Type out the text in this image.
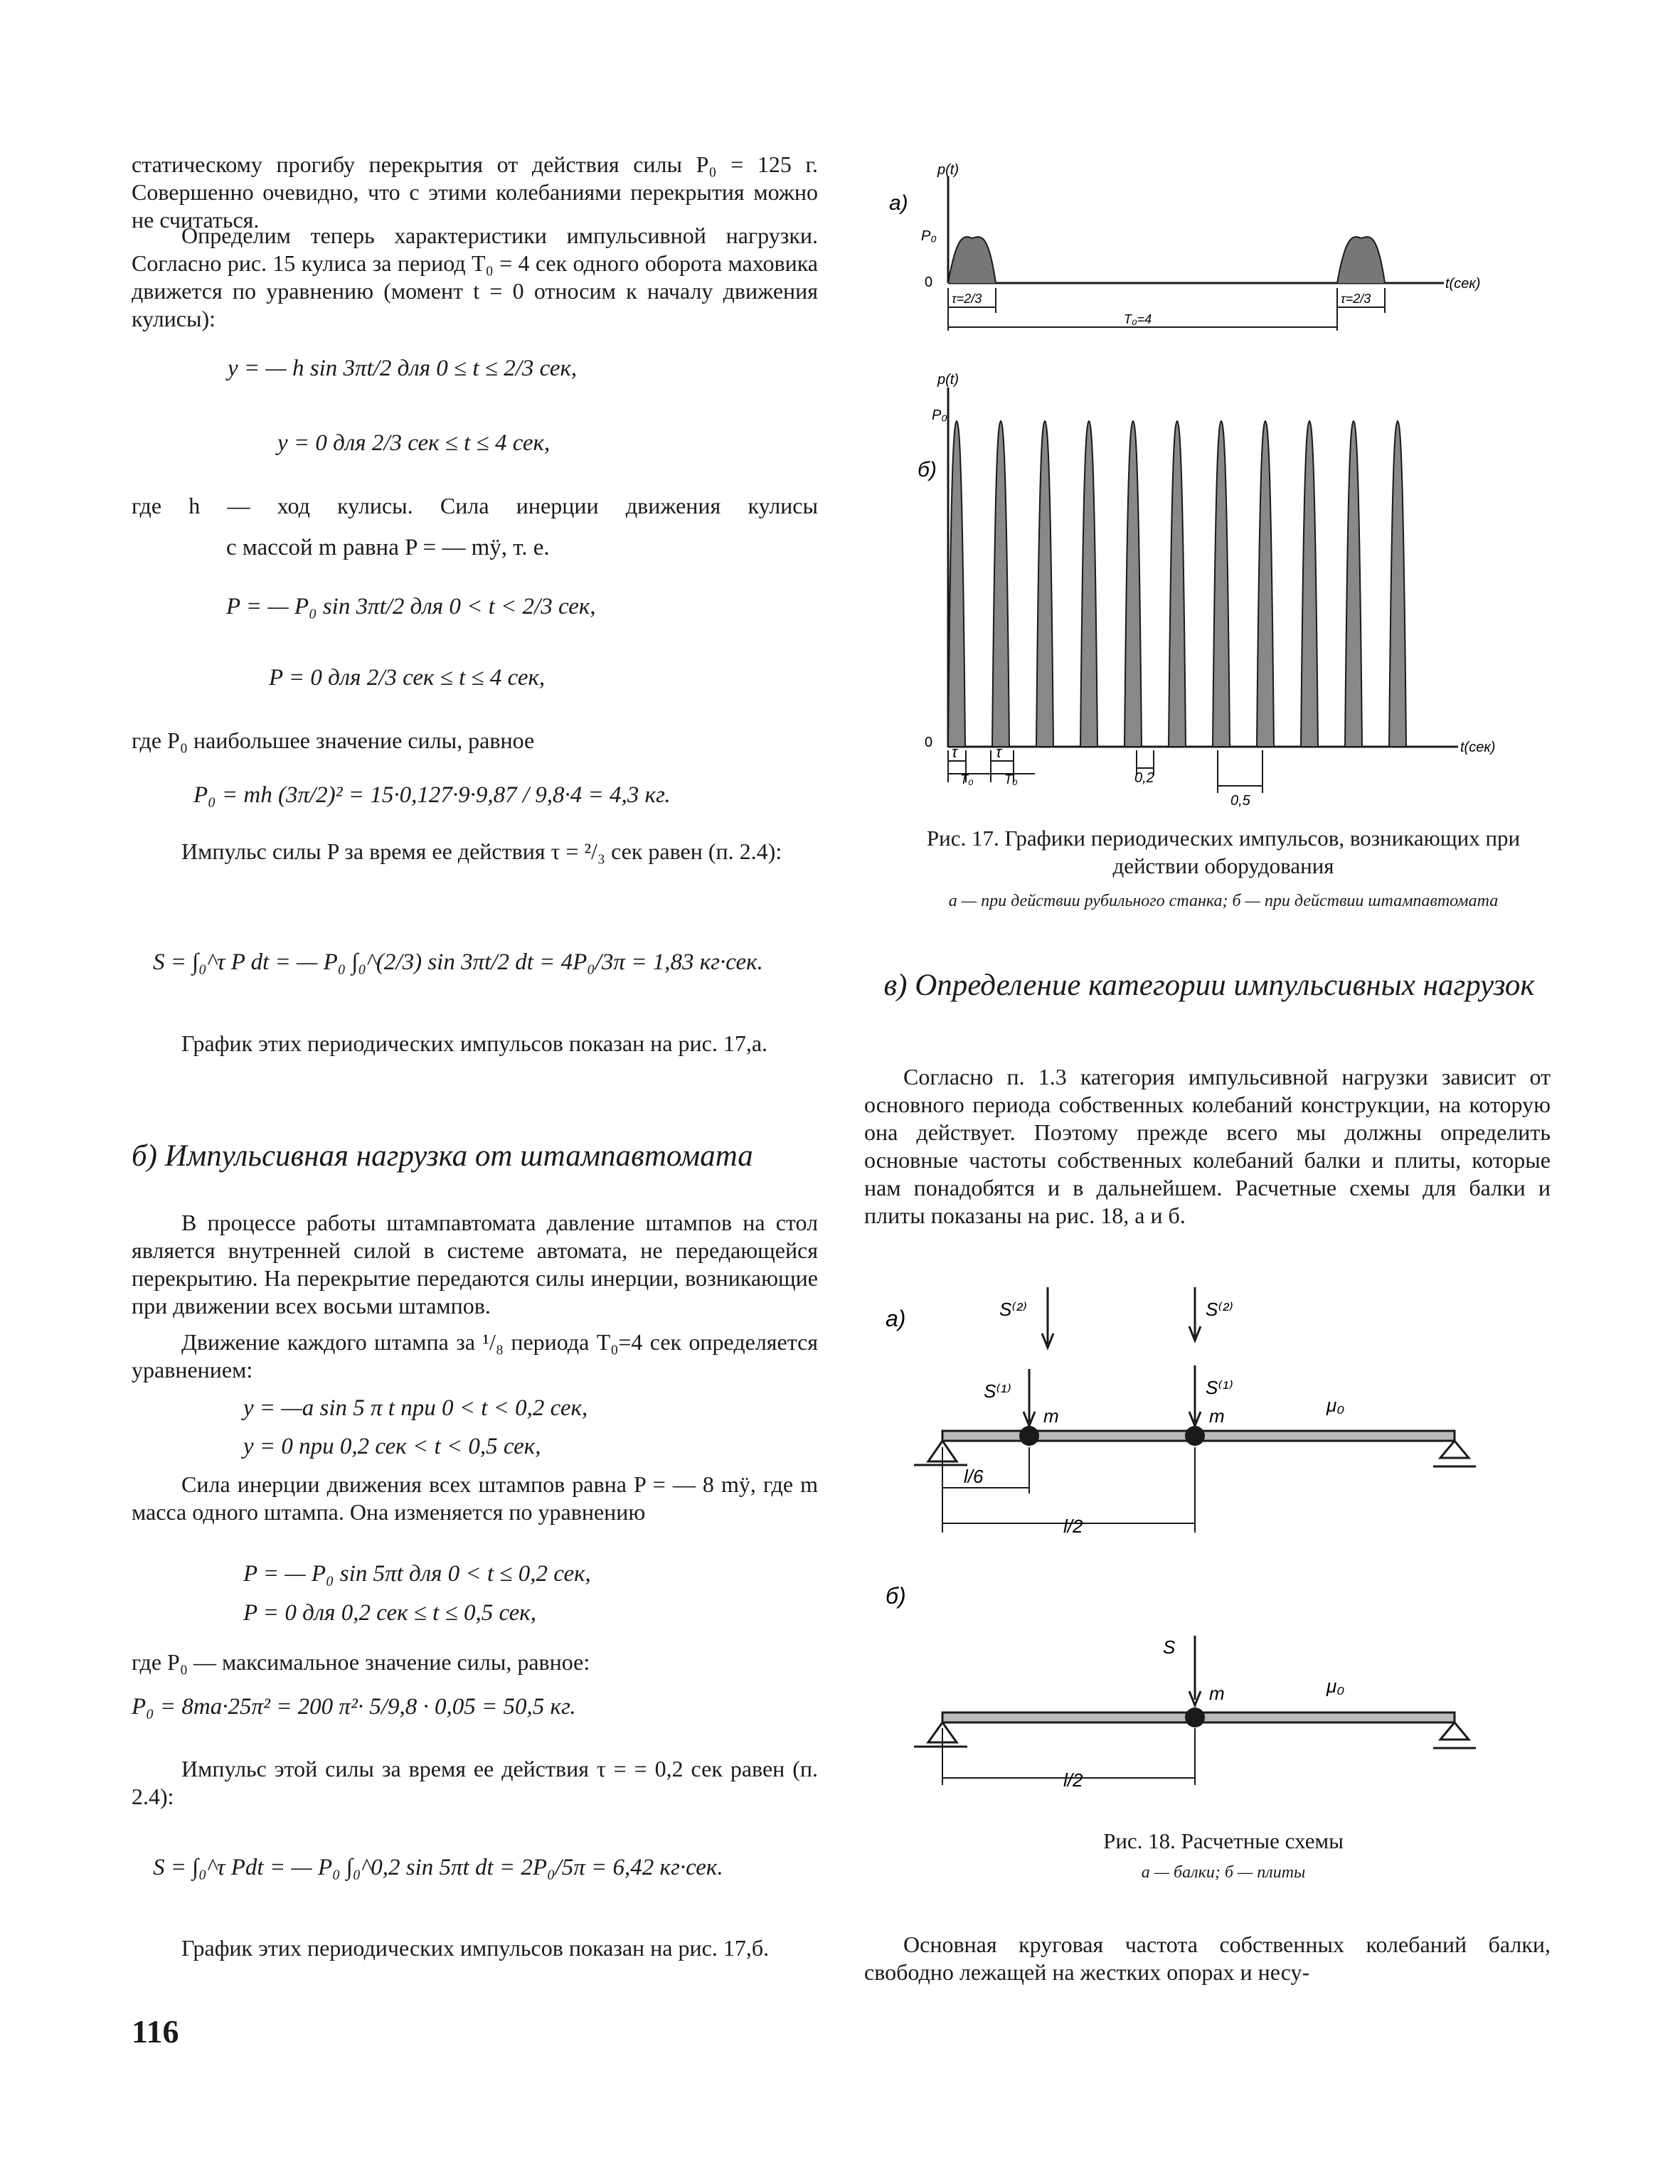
статическому прогибу перекрытия от действия силы P₀ = 125 г. Совершенно очевидно, что с этими колебаниями перекрытия можно не считаться.
Определим теперь характеристики импульсивной нагрузки. Согласно рис. 15 кулиса за период T₀ = 4 сек одного оборота маховика движется по уравнению (момент t = 0 относим к началу движения кулисы):
y = — h sin 3πt/2 для 0 ≤ t ≤ 2/3 сек,
y = 0 для 2/3 сек ≤ t ≤ 4 сек,
где h — ход кулисы. Сила инерции движения кулисы
с массой m равна P = — mÿ, т. е.
P = — P₀ sin 3πt/2 для 0 < t < 2/3 сек,
P = 0 для 2/3 сек ≤ t ≤ 4 сек,
где P₀ наибольшее значение силы, равное
P₀ = mh (3π/2)² = 15·0,127·9·9,87 / 9,8·4 = 4,3 кг.
Импульс силы P за время ее действия τ = ²/₃ сек равен (п. 2.4):
S = ∫₀^τ P dt = — P₀ ∫₀^(2/3) sin 3πt/2 dt = 4P₀/3π = 1,83 кг·сек.
График этих периодических импульсов показан на рис. 17,а.
б) Импульсивная нагрузка от штампавтомата
В процессе работы штампавтомата давление штампов на стол является внутренней силой в системе автомата, не передающейся перекрытию. На перекрытие передаются силы инерции, возникающие при движении всех восьми штампов.
Движение каждого штампа за ¹/₈ периода T₀=4 сек определяется уравнением:
y = —a sin 5 π t при 0 < t < 0,2 сек,
y = 0 при 0,2 сек < t < 0,5 сек,
Сила инерции движения всех штампов равна P = — 8 mÿ, где m масса одного штампа. Она изменяется по уравнению
P = — P₀ sin 5πt для 0 < t ≤ 0,2 сек,
P = 0 для 0,2 сек ≤ t ≤ 0,5 сек,
где P₀ — максимальное значение силы, равное:
P₀ = 8ma·25π² = 200 π²· 5/9,8 · 0,05 = 50,5 кг.
Импульс этой силы за время ее действия τ = = 0,2 сек равен (п. 2.4):
S = ∫₀^τ Pdt = — P₀ ∫₀^0,2 sin 5πt dt = 2P₀/5π = 6,42 кг·сек.
График этих периодических импульсов показан на рис. 17,б.
116
а)
p(t)
P₀
0	t(сек)
τ=2/3	τ=2/3
T₀=4
б)
p(t)
P₀
0	t(сек)
τ τ
T₀ T₀	0,2
0,5
Рис. 17. Графики периодических импульсов, возникающих при действии оборудования
а — при действии рубильного станка; б — при действии штампавтомата
в) Определение категории импульсивных нагрузок
Согласно п. 1.3 категория импульсивной нагрузки зависит от основного периода собственных колебаний конструкции, на которую она действует. Поэтому прежде всего мы должны определить основные частоты собственных колебаний балки и плиты, которые нам понадобятся и в дальнейшем. Расчетные схемы для балки и плиты показаны на рис. 18, а и б.
а)	S⁽²⁾
S⁽¹⁾
S⁽²⁾
S⁽¹⁾
m	m	μ₀
l/6
l/2
б)
S
m	μ₀
l/2
Рис. 18. Расчетные схемы
а — балки; б — плиты
Основная круговая частота собственных колебаний балки, свободно лежащей на жестких опорах и несу-
